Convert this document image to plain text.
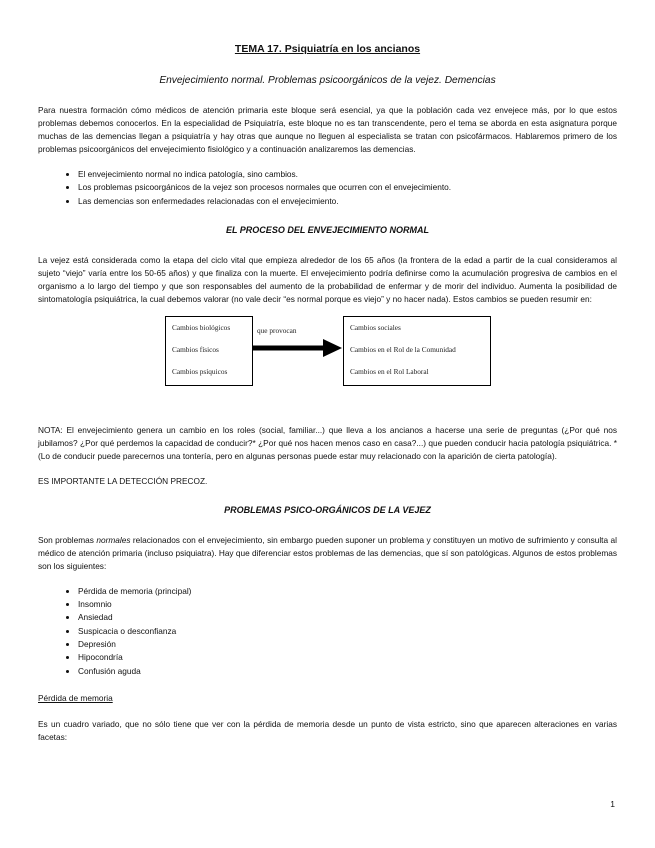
TEMA 17. Psiquiatría en los ancianos
Envejecimiento normal. Problemas psicoorgánicos de la vejez. Demencias

Para nuestra formación cómo médicos de atención primaria este bloque será esencial, ya que la población cada vez envejece más, por lo que estos problemas debemos conocerlos. En la especialidad de Psiquiatría, este bloque no es tan transcendente, pero el tema se aborda en esta asignatura porque muchas de las demencias llegan a psiquiatría y hay otras que aunque no lleguen al especialista se tratan con psicofármacos. Hablaremos primero de los problemas psicoorgánicos del envejecimiento fisiológico y a continuación analizaremos las demencias.

• El envejecimiento normal no indica patología, sino cambios.
• Los problemas psicoorgánicos de la vejez son procesos normales que ocurren con el envejecimiento.
• Las demencias son enfermedades relacionadas con el envejecimiento.
EL PROCESO DEL ENVEJECIMIENTO NORMAL

La vejez está considerada como la etapa del ciclo vital que empieza alrededor de los 65 años (la frontera de la edad a partir de la cual consideramos al sujeto “viejo” varía entre los 50-65 años) y que finaliza con la muerte. El envejecimiento podría definirse como la acumulación progresiva de cambios en el organismo a lo largo del tiempo y que son responsables del aumento de la probabilidad de enfermar y de morir del individuo. Aumenta la posibilidad de sintomatología psiquiátrica, la cual debemos valorar (no vale decir “es normal porque es viejo” y no hacer nada). Estos cambios se pueden resumir en:

Cambios biológicos
Cambios físicos
Cambios psíquicos
que provocan	Cambios sociales
Cambios en el Rol de la Comunidad
Cambios en el Rol Laboral

NOTA: El envejecimiento genera un cambio en los roles (social, familiar...) que lleva a los ancianos a hacerse una serie de preguntas (¿Por qué nos jubilamos? ¿Por qué perdemos la capacidad de conducir?* ¿Por qué nos hacen menos caso en casa?...) que pueden conducir hacia patología psiquiátrica. *(Lo de conducir puede parecernos una tontería, pero en algunas personas puede estar muy relacionado con la aparición de cierta patología).

ES IMPORTANTE LA DETECCIÓN PRECOZ.

PROBLEMAS PSICO-ORGÁNICOS DE LA VEJEZ

Son problemas normales relacionados con el envejecimiento, sin embargo pueden suponer un problema y constituyen un motivo de sufrimiento y consulta al médico de atención primaria (incluso psiquiatra). Hay que diferenciar estos problemas de las demencias, que sí son patológicas. Algunos de estos problemas son los siguientes:

• Pérdida de memoria (principal)
• Insomnio
• Ansiedad
• Suspicacia o desconfianza
• Depresión
• Hipocondría
• Confusión aguda
Pérdida de memoria

Es un cuadro variado, que no sólo tiene que ver con la pérdida de memoria desde un punto de vista estricto, sino que aparecen alteraciones en varias facetas:

1
